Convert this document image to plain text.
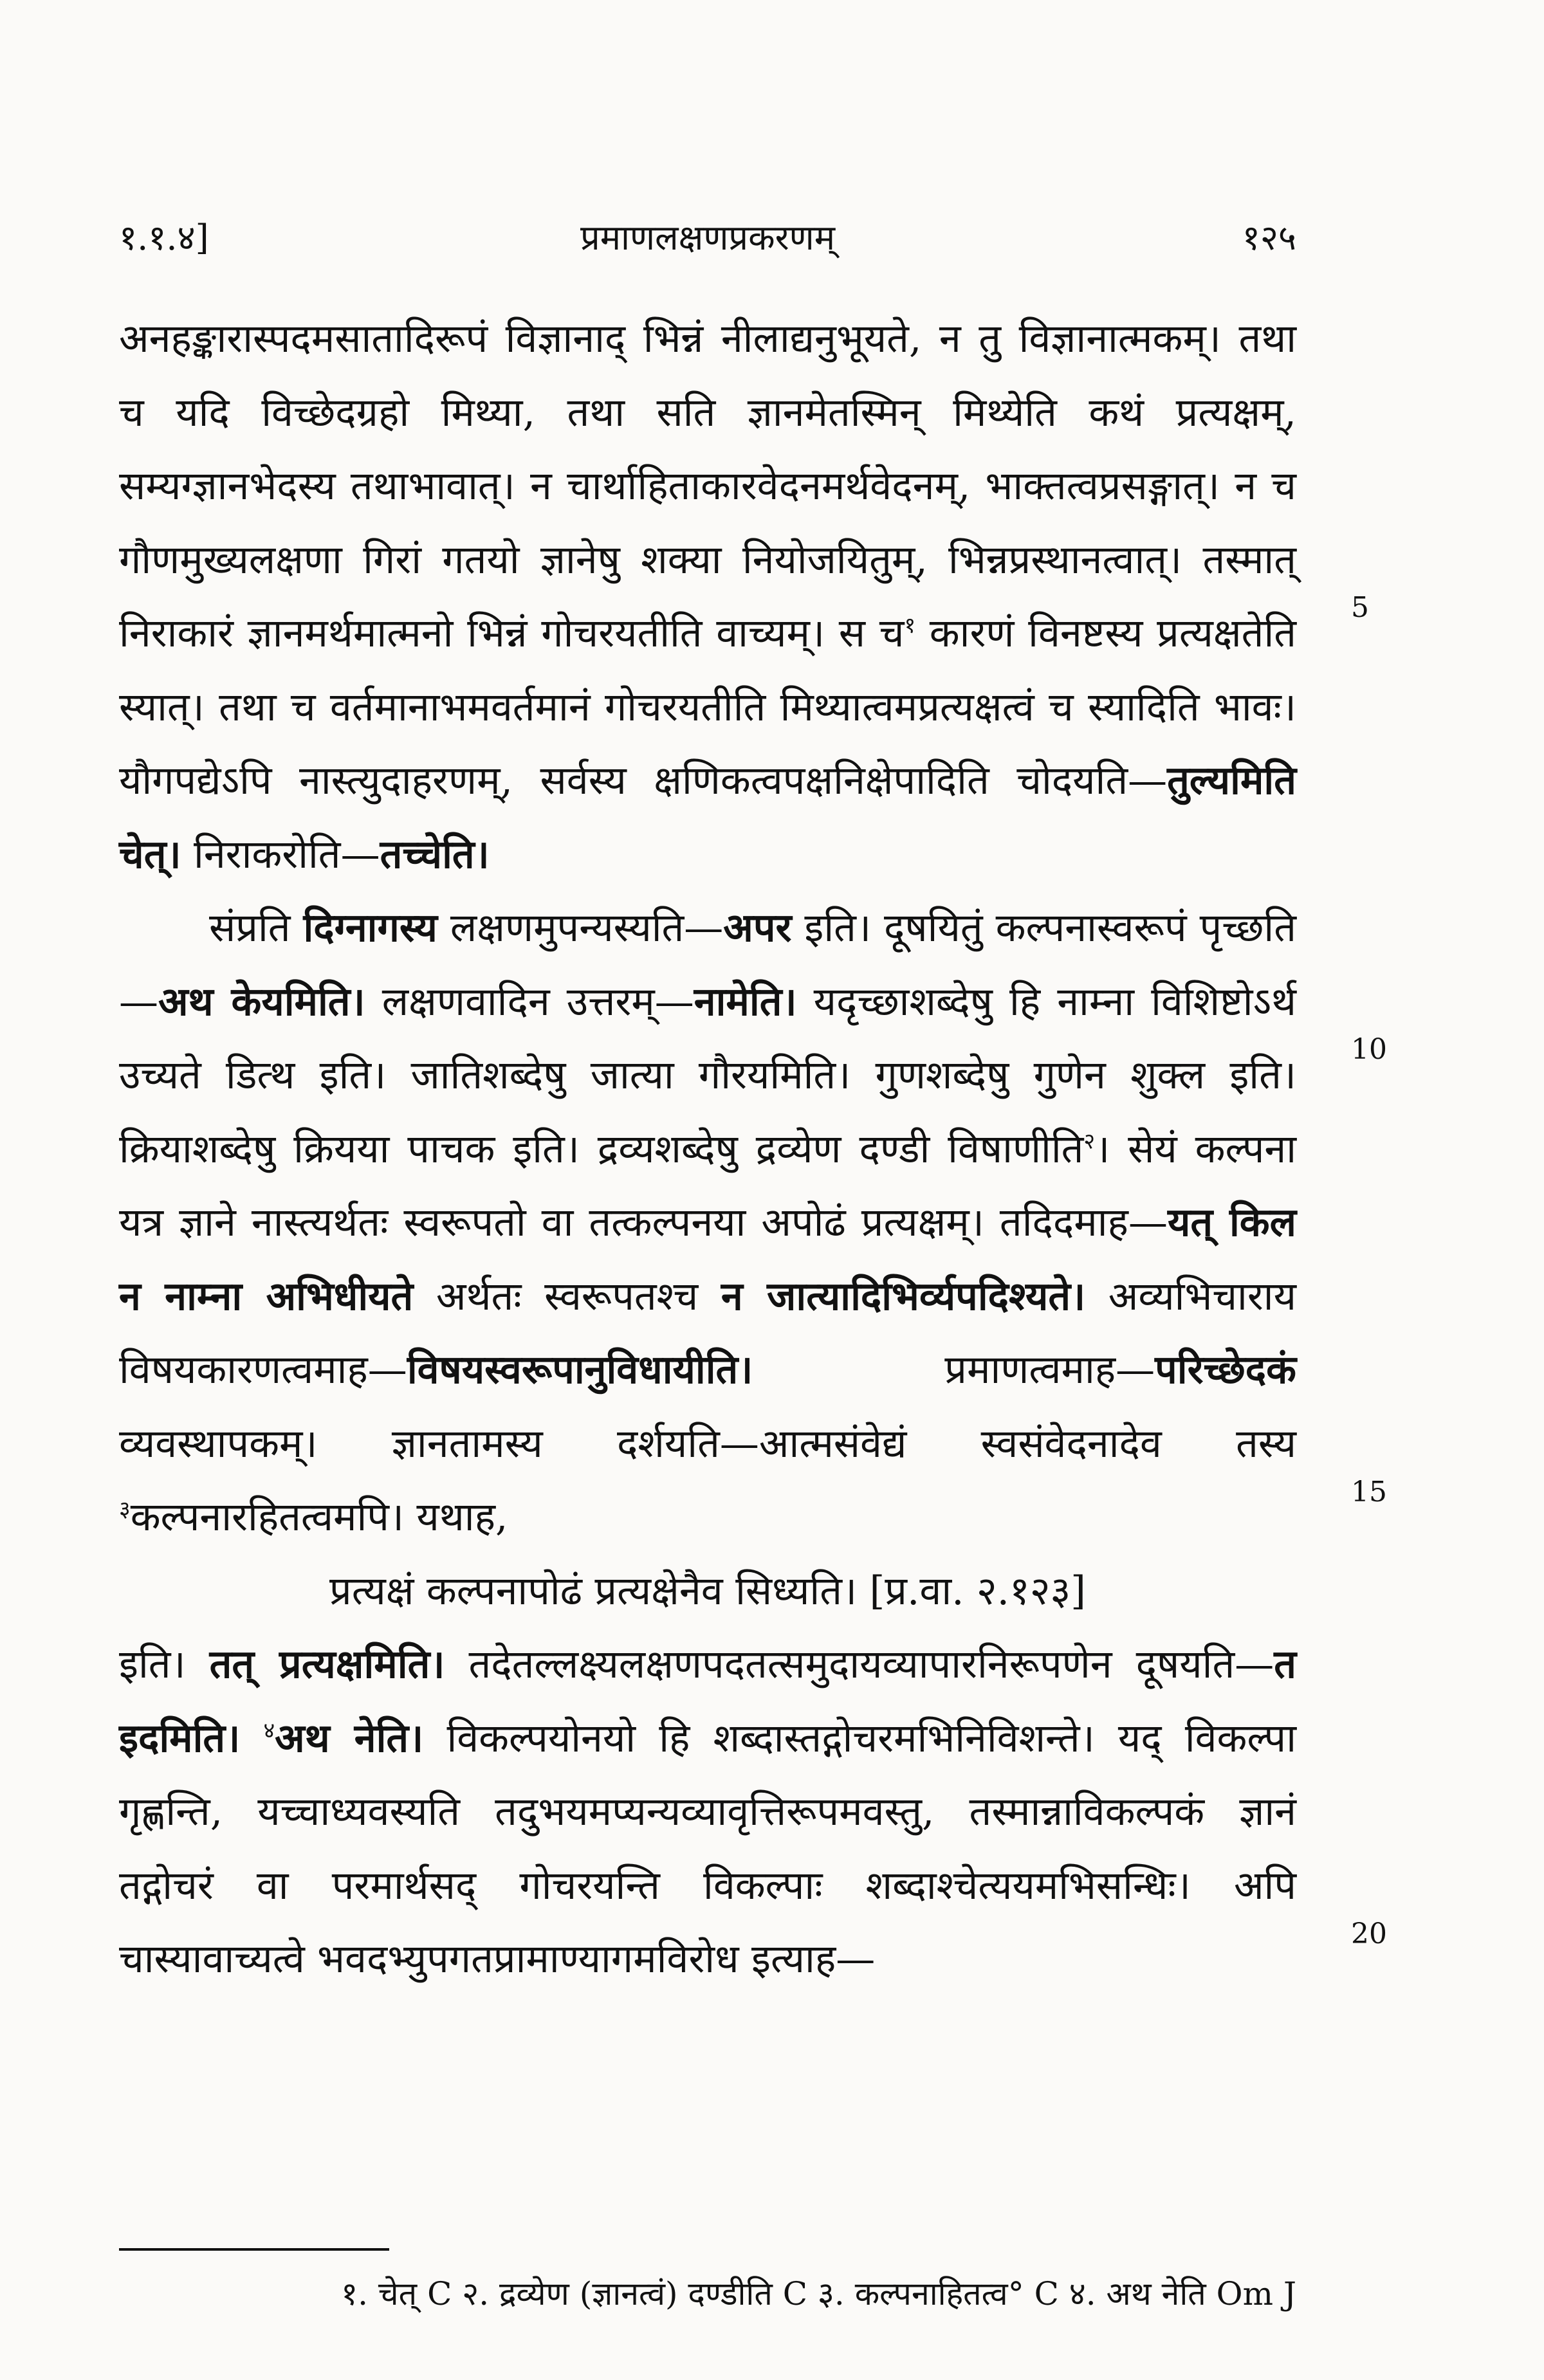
१.१.४]	प्रमाणलक्षणप्रकरणम्	१२५
5
10
15
20

अनहङ्कारास्पदमसातादिरूपं विज्ञानाद् भिन्नं नीलाद्यनुभूयते, न तु विज्ञानात्मकम्। तथा च यदि विच्छेदग्रहो मिथ्या, तथा सति ज्ञानमेतस्मिन् मिथ्येति कथं प्रत्यक्षम्, सम्यग्ज्ञानभेदस्य तथाभावात्। न चार्थाहिताकारवेदनमर्थवेदनम्, भाक्तत्वप्रसङ्गात्। न च गौणमुख्यलक्षणा गिरां गतयो ज्ञानेषु शक्या नियोजयितुम्, भिन्नप्रस्थानत्वात्। तस्मात् निराकारं ज्ञानमर्थमात्मनो भिन्नं गोचरयतीति वाच्यम्। स च$^१$ कारणं विनष्टस्य प्रत्यक्षतेति स्यात्। तथा च वर्तमानाभमवर्तमानं गोचरयतीति मिथ्यात्वमप्रत्यक्षत्वं च स्यादिति भावः। यौगपद्येऽपि नास्त्युदाहरणम्, सर्वस्य क्षणिकत्वपक्षनिक्षेपादिति चोदयति—तुल्यमिति चेत्। निराकरोति—तच्चेति।

संप्रति दिग्नागस्य लक्षणमुपन्यस्यति—अपर इति। दूषयितुं कल्पनास्वरूपं पृच्छति—अथ केयमिति। लक्षणवादिन उत्तरम्—नामेति। यदृच्छाशब्देषु हि नाम्ना विशिष्टोऽर्थ उच्यते डित्थ इति। जातिशब्देषु जात्या गौरयमिति। गुणशब्देषु गुणेन शुक्ल इति। क्रियाशब्देषु क्रियया पाचक इति। द्रव्यशब्देषु द्रव्येण दण्डी विषाणीति$^२$। सेयं कल्पना यत्र ज्ञाने नास्त्यर्थतः स्वरूपतो वा तत्कल्पनया अपोढं प्रत्यक्षम्। तदिदमाह—यत् किल न नाम्ना अभिधीयते अर्थतः स्वरूपतश्च न जात्यादिभिर्व्यपदिश्यते। अव्यभिचाराय विषयकारणत्वमाह—विषयस्वरूपानुविधायीति। प्रमाणत्वमाह—परिच्छेदकं व्यवस्थापकम्। ज्ञानतामस्य दर्शयति—आत्मसंवेद्यं स्वसंवेदनादेव तस्य $^३$कल्पनारहितत्वमपि। यथाह,

प्रत्यक्षं कल्पनापोढं प्रत्यक्षेनैव सिध्यति। [प्र.वा. २.१२३]

इति। तत् प्रत्यक्षमिति। तदेतल्लक्ष्यलक्षणपदतत्समुदायव्यापारनिरूपणेन दूषयति—त इदमिति। $^४$अथ नेति। विकल्पयोनयो हि शब्दास्तद्गोचरमभिनिविशन्ते। यद् विकल्पा गृह्णन्ति, यच्चाध्यवस्यति तदुभयमप्यन्यव्यावृत्तिरूपमवस्तु, तस्मान्नाविकल्पकं ज्ञानं तद्गोचरं वा परमार्थसद् गोचरयन्ति विकल्पाः शब्दाश्चेत्ययमभिसन्धिः। अपि चास्यावाच्यत्वे भवदभ्युपगतप्रामाण्यागमविरोध इत्याह—

१. चेत् C २. द्रव्येण (ज्ञानत्वं) दण्डीति C ३. कल्पनाहितत्व° C ४. अथ नेति Om J
